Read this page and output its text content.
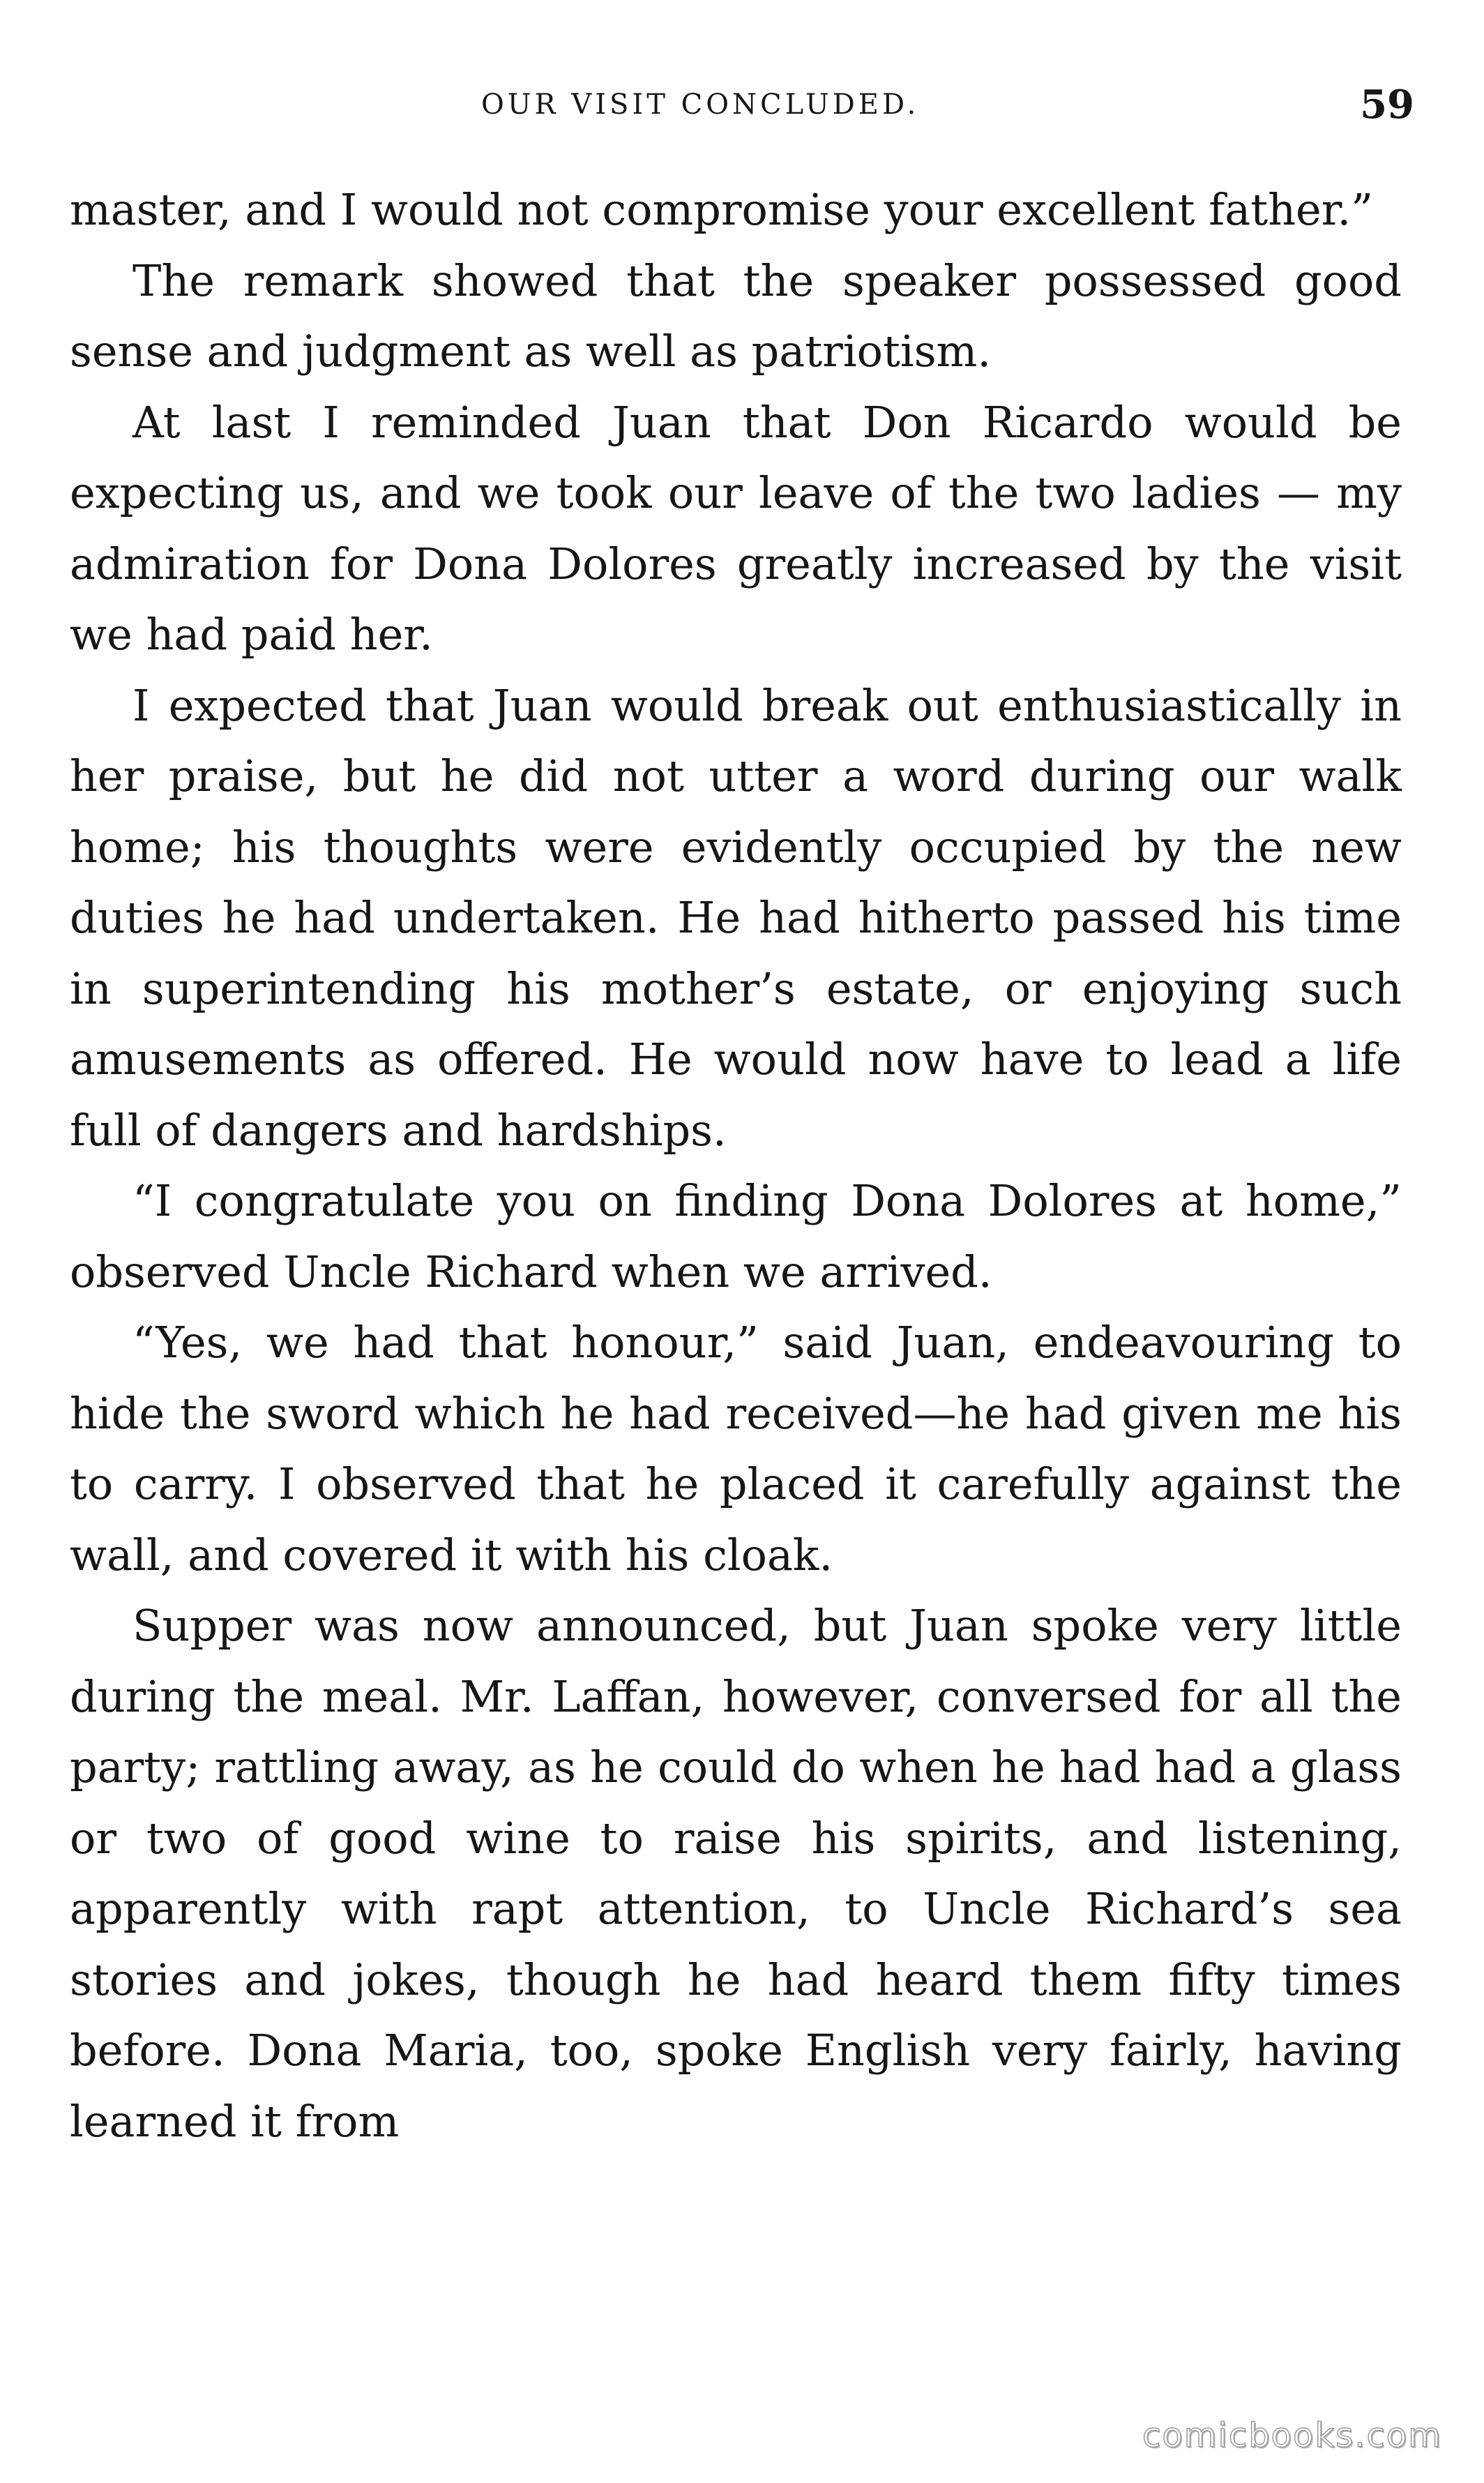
OUR VISIT CONCLUDED.	59

master, and I would not compromise your excellent father.”

The remark showed that the speaker possessed good sense and judgment as well as patriotism.

At last I reminded Juan that Don Ricardo would be expecting us, and we took our leave of the two ladies — my admiration for Dona Dolores greatly increased by the visit we had paid her.

I expected that Juan would break out enthusiastically in her praise, but he did not utter a word during our walk home; his thoughts were evidently occupied by the new duties he had undertaken. He had hitherto passed his time in superintending his mother’s estate, or enjoying such amusements as offered. He would now have to lead a life full of dangers and hardships.

“I congratulate you on finding Dona Dolores at home,” observed Uncle Richard when we arrived.

“Yes, we had that honour,” said Juan, endeavouring to hide the sword which he had received—he had given me his to carry. I observed that he placed it carefully against the wall, and covered it with his cloak.

Supper was now announced, but Juan spoke very little during the meal. Mr. Laffan, however, conversed for all the party; rattling away, as he could do when he had had a glass or two of good wine to raise his spirits, and listening, apparently with rapt attention, to Uncle Richard’s sea stories and jokes, though he had heard them fifty times before. Dona Maria, too, spoke English very fairly, having learned it from

comicbooks.com
